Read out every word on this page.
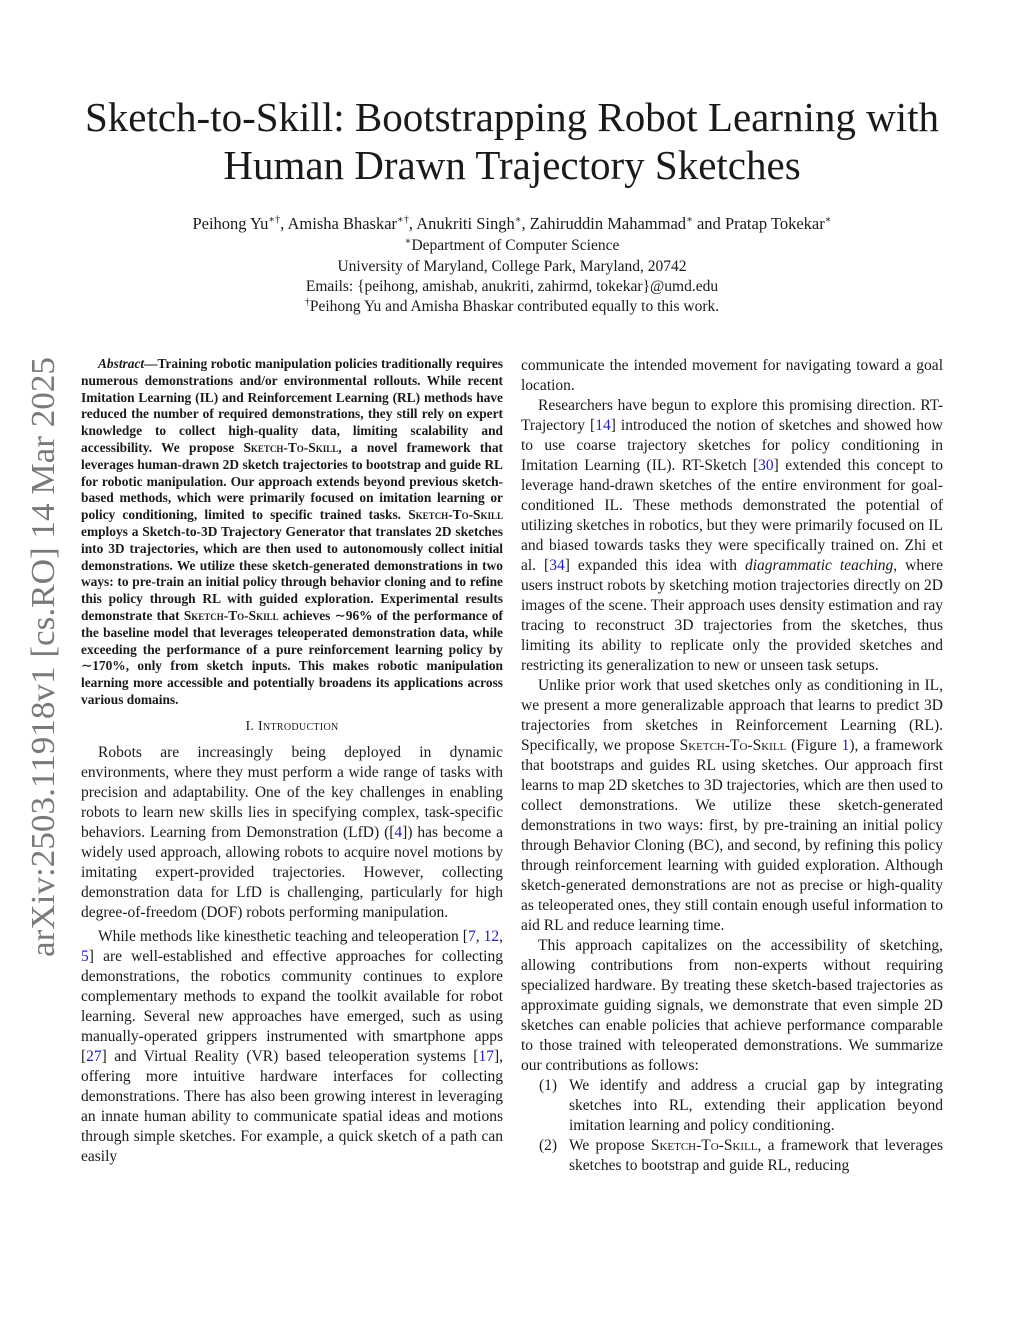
arXiv:2503.11918v1 [cs.RO] 14 Mar 2025
Sketch-to-Skill: Bootstrapping Robot Learning with
Human Drawn Trajectory Sketches
Peihong Yu∗†, Amisha Bhaskar∗†, Anukriti Singh∗, Zahiruddin Mahammad∗ and Pratap Tokekar∗
∗Department of Computer Science
University of Maryland, College Park, Maryland, 20742
Emails: {peihong, amishab, anukriti, zahirmd, tokekar}@umd.edu
†Peihong Yu and Amisha Bhaskar contributed equally to this work.

Abstract—Training robotic manipulation policies traditionally requires numerous demonstrations and/or environmental rollouts. While recent Imitation Learning (IL) and Reinforcement Learning (RL) methods have reduced the number of required demonstrations, they still rely on expert knowledge to collect high-quality data, limiting scalability and accessibility. We propose Sketch-To-Skill, a novel framework that leverages human-drawn 2D sketch trajectories to bootstrap and guide RL for robotic manipulation. Our approach extends beyond previous sketch-based methods, which were primarily focused on imitation learning or policy conditioning, limited to specific trained tasks. Sketch-To-Skill employs a Sketch-to-3D Trajectory Generator that translates 2D sketches into 3D trajectories, which are then used to autonomously collect initial demonstrations. We utilize these sketch-generated demonstrations in two ways: to pre-train an initial policy through behavior cloning and to refine this policy through RL with guided exploration. Experimental results demonstrate that Sketch-To-Skill achieves ∼96% of the performance of the baseline model that leverages teleoperated demonstration data, while exceeding the performance of a pure reinforcement learning policy by ∼170%, only from sketch inputs. This makes robotic manipulation learning more accessible and potentially broadens its applications across various domains.

I. Introduction

Robots are increasingly being deployed in dynamic environments, where they must perform a wide range of tasks with precision and adaptability. One of the key challenges in enabling robots to learn new skills lies in specifying complex, task-specific behaviors. Learning from Demonstration (LfD) ([4]) has become a widely used approach, allowing robots to acquire novel motions by imitating expert-provided trajectories. However, collecting demonstration data for LfD is challenging, particularly for high degree-of-freedom (DOF) robots performing manipulation.

While methods like kinesthetic teaching and teleoperation [7, 12, 5] are well-established and effective approaches for collecting demonstrations, the robotics community continues to explore complementary methods to expand the toolkit available for robot learning. Several new approaches have emerged, such as using manually-operated grippers instrumented with smartphone apps [27] and Virtual Reality (VR) based teleoperation systems [17], offering more intuitive hardware interfaces for collecting demonstrations. There has also been growing interest in leveraging an innate human ability to communicate spatial ideas and motions through simple sketches. For example, a quick sketch of a path can easily

communicate the intended movement for navigating toward a goal location.

Researchers have begun to explore this promising direction. RT-Trajectory [14] introduced the notion of sketches and showed how to use coarse trajectory sketches for policy conditioning in Imitation Learning (IL). RT-Sketch [30] extended this concept to leverage hand-drawn sketches of the entire environment for goal-conditioned IL. These methods demonstrated the potential of utilizing sketches in robotics, but they were primarily focused on IL and biased towards tasks they were specifically trained on. Zhi et al. [34] expanded this idea with diagrammatic teaching, where users instruct robots by sketching motion trajectories directly on 2D images of the scene. Their approach uses density estimation and ray tracing to reconstruct 3D trajectories from the sketches, thus limiting its ability to replicate only the provided sketches and restricting its generalization to new or unseen task setups.

Unlike prior work that used sketches only as conditioning in IL, we present a more generalizable approach that learns to predict 3D trajectories from sketches in Reinforcement Learning (RL). Specifically, we propose Sketch-To-Skill (Figure 1), a framework that bootstraps and guides RL using sketches. Our approach first learns to map 2D sketches to 3D trajectories, which are then used to collect demonstrations. We utilize these sketch-generated demonstrations in two ways: first, by pre-training an initial policy through Behavior Cloning (BC), and second, by refining this policy through reinforcement learning with guided exploration. Although sketch-generated demonstrations are not as precise or high-quality as teleoperated ones, they still contain enough useful information to aid RL and reduce learning time.

This approach capitalizes on the accessibility of sketching, allowing contributions from non-experts without requiring specialized hardware. By treating these sketch-based trajectories as approximate guiding signals, we demonstrate that even simple 2D sketches can enable policies that achieve performance comparable to those trained with teleoperated demonstrations. We summarize our contributions as follows:

(1) We identify and address a crucial gap by integrating sketches into RL, extending their application beyond imitation learning and policy conditioning.
(2) We propose Sketch-To-Skill, a framework that leverages sketches to bootstrap and guide RL, reducing
